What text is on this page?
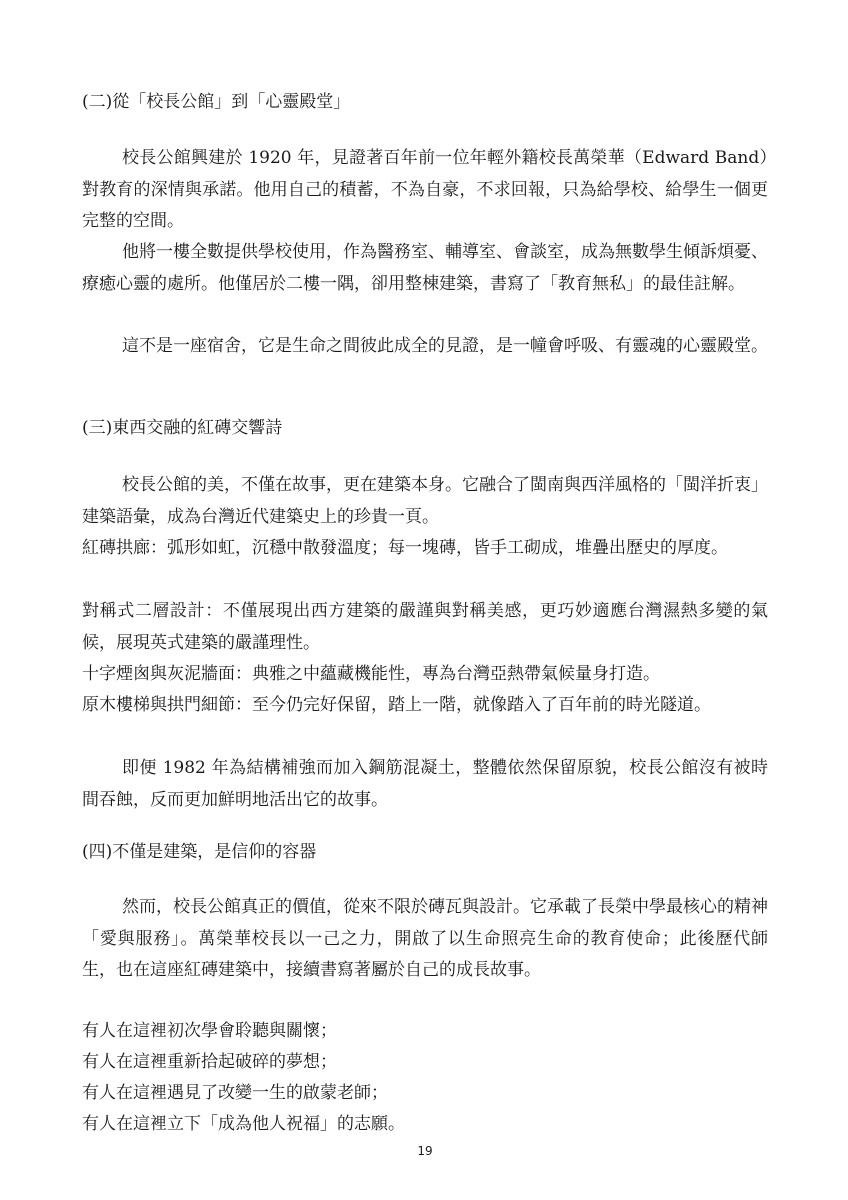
(二)從「校長公館」到「心靈殿堂」

校長公館興建於 1920 年，見證著百年前一位年輕外籍校長萬榮華（Edward Band）對教育的深情與承諾。他用自己的積蓄，不為自豪，不求回報，只為給學校、給學生一個更完整的空間。

他將一樓全數提供學校使用，作為醫務室、輔導室、會談室，成為無數學生傾訴煩憂、療癒心靈的處所。他僅居於二樓一隅，卻用整棟建築，書寫了「教育無私」的最佳註解。

這不是一座宿舍，它是生命之間彼此成全的見證，是一幢會呼吸、有靈魂的心靈殿堂。

(三)東西交融的紅磚交響詩

校長公館的美，不僅在故事，更在建築本身。它融合了閩南與西洋風格的「閩洋折衷」建築語彙，成為台灣近代建築史上的珍貴一頁。

紅磚拱廊：弧形如虹，沉穩中散發溫度；每一塊磚，皆手工砌成，堆疊出歷史的厚度。

對稱式二層設計：不僅展現出西方建築的嚴謹與對稱美感，更巧妙適應台灣濕熱多變的氣候，展現英式建築的嚴謹理性。

十字煙囪與灰泥牆面：典雅之中蘊藏機能性，專為台灣亞熱帶氣候量身打造。

原木樓梯與拱門細節：至今仍完好保留，踏上一階，就像踏入了百年前的時光隧道。

即便 1982 年為結構補強而加入鋼筋混凝土，整體依然保留原貌，校長公館沒有被時間吞蝕，反而更加鮮明地活出它的故事。

(四)不僅是建築，是信仰的容器

然而，校長公館真正的價值，從來不限於磚瓦與設計。它承載了長榮中學最核心的精神「愛與服務」。萬榮華校長以一己之力，開啟了以生命照亮生命的教育使命；此後歷代師生，也在這座紅磚建築中，接續書寫著屬於自己的成長故事。

有人在這裡初次學會聆聽與關懷；
有人在這裡重新拾起破碎的夢想；
有人在這裡遇見了改變一生的啟蒙老師；
有人在這裡立下「成為他人祝福」的志願。
19
